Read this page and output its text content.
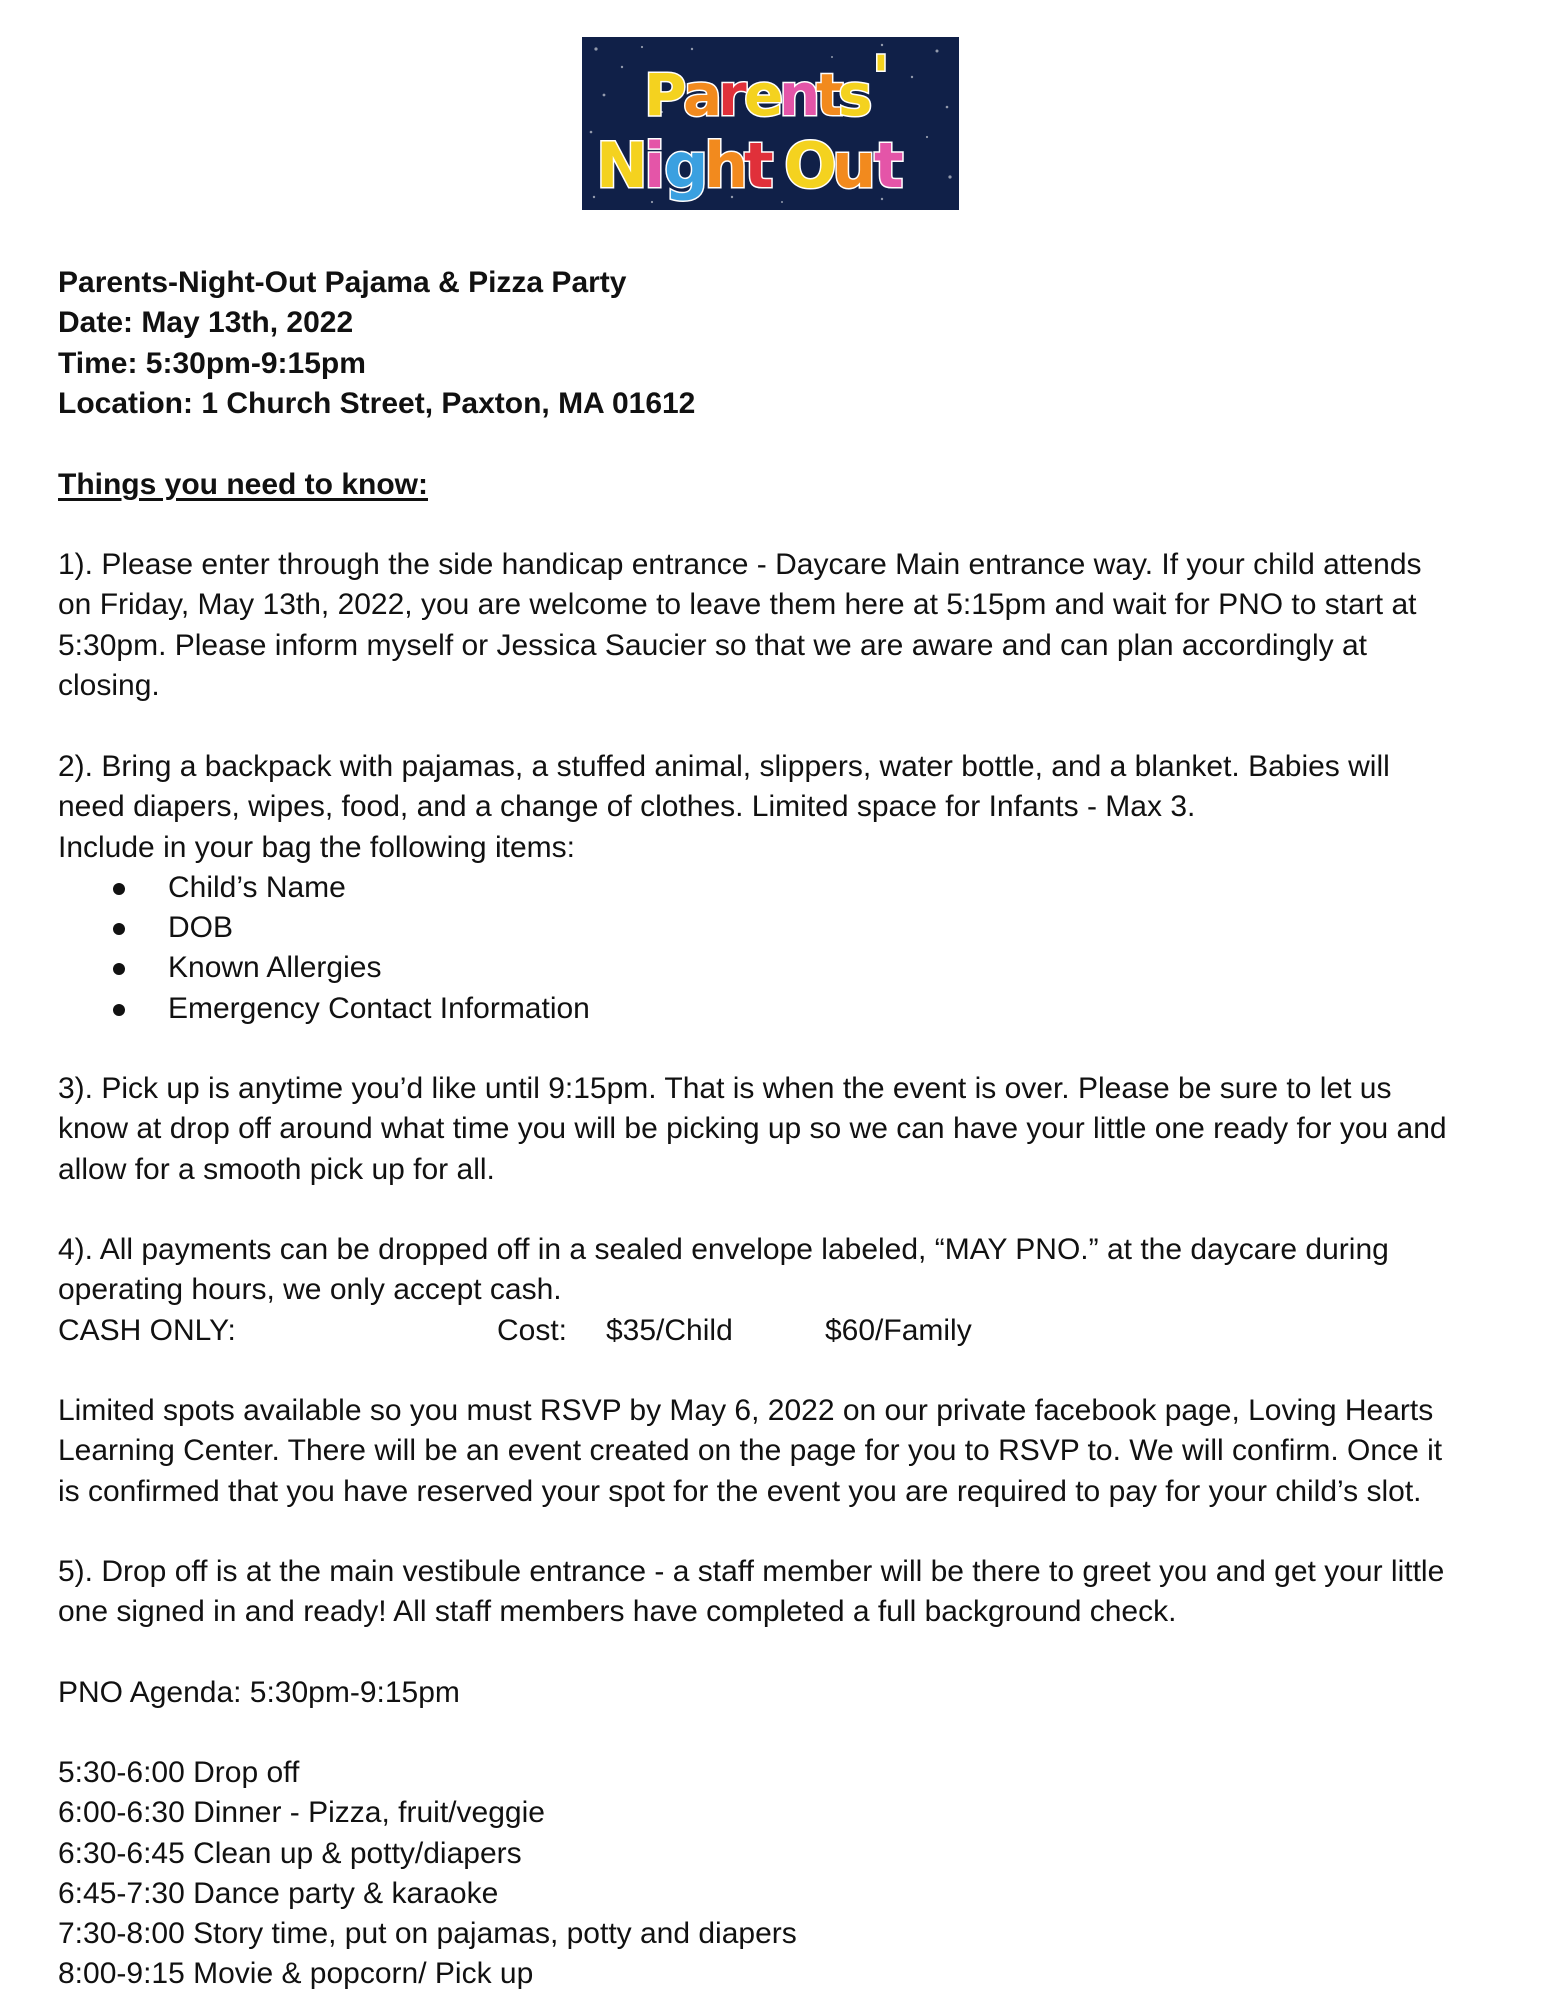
P
a
r
e
n
t
s '
N
i
g
h
t O
u
t
Parents-Night-Out Pajama & Pizza Party
Date: May 13th, 2022
Time: 5:30pm-9:15pm
Location: 1 Church Street, Paxton, MA 01612
Things you need to know:
1). Please enter through the side handicap entrance - Daycare Main entrance way. If your child attends
on Friday, May 13th, 2022, you are welcome to leave them here at 5:15pm and wait for PNO to start at
5:30pm. Please inform myself or Jessica Saucier so that we are aware and can plan accordingly at
closing.
2). Bring a backpack with pajamas, a stuffed animal, slippers, water bottle, and a blanket. Babies will
need diapers, wipes, food, and a change of clothes. Limited space for Infants - Max 3.
Include in your bag the following items:
Child’s Name
DOB
Known Allergies
Emergency Contact Information
3). Pick up is anytime you’d like until 9:15pm. That is when the event is over. Please be sure to let us
know at drop off around what time you will be picking up so we can have your little one ready for you and
allow for a smooth pick up for all.
4). All payments can be dropped off in a sealed envelope labeled, “MAY PNO.” at the daycare during
operating hours, we only accept cash.
CASH ONLY:	Cost: $35/Child	$60/Family
Limited spots available so you must RSVP by May 6, 2022 on our private facebook page, Loving Hearts
Learning Center. There will be an event created on the page for you to RSVP to. We will confirm. Once it
is confirmed that you have reserved your spot for the event you are required to pay for your child’s slot.
5). Drop off is at the main vestibule entrance - a staff member will be there to greet you and get your little
one signed in and ready! All staff members have completed a full background check.
PNO Agenda: 5:30pm-9:15pm
5:30-6:00 Drop off
6:00-6:30 Dinner - Pizza, fruit/veggie
6:30-6:45 Clean up & potty/diapers
6:45-7:30 Dance party & karaoke
7:30-8:00 Story time, put on pajamas, potty and diapers
8:00-9:15 Movie & popcorn/ Pick up
